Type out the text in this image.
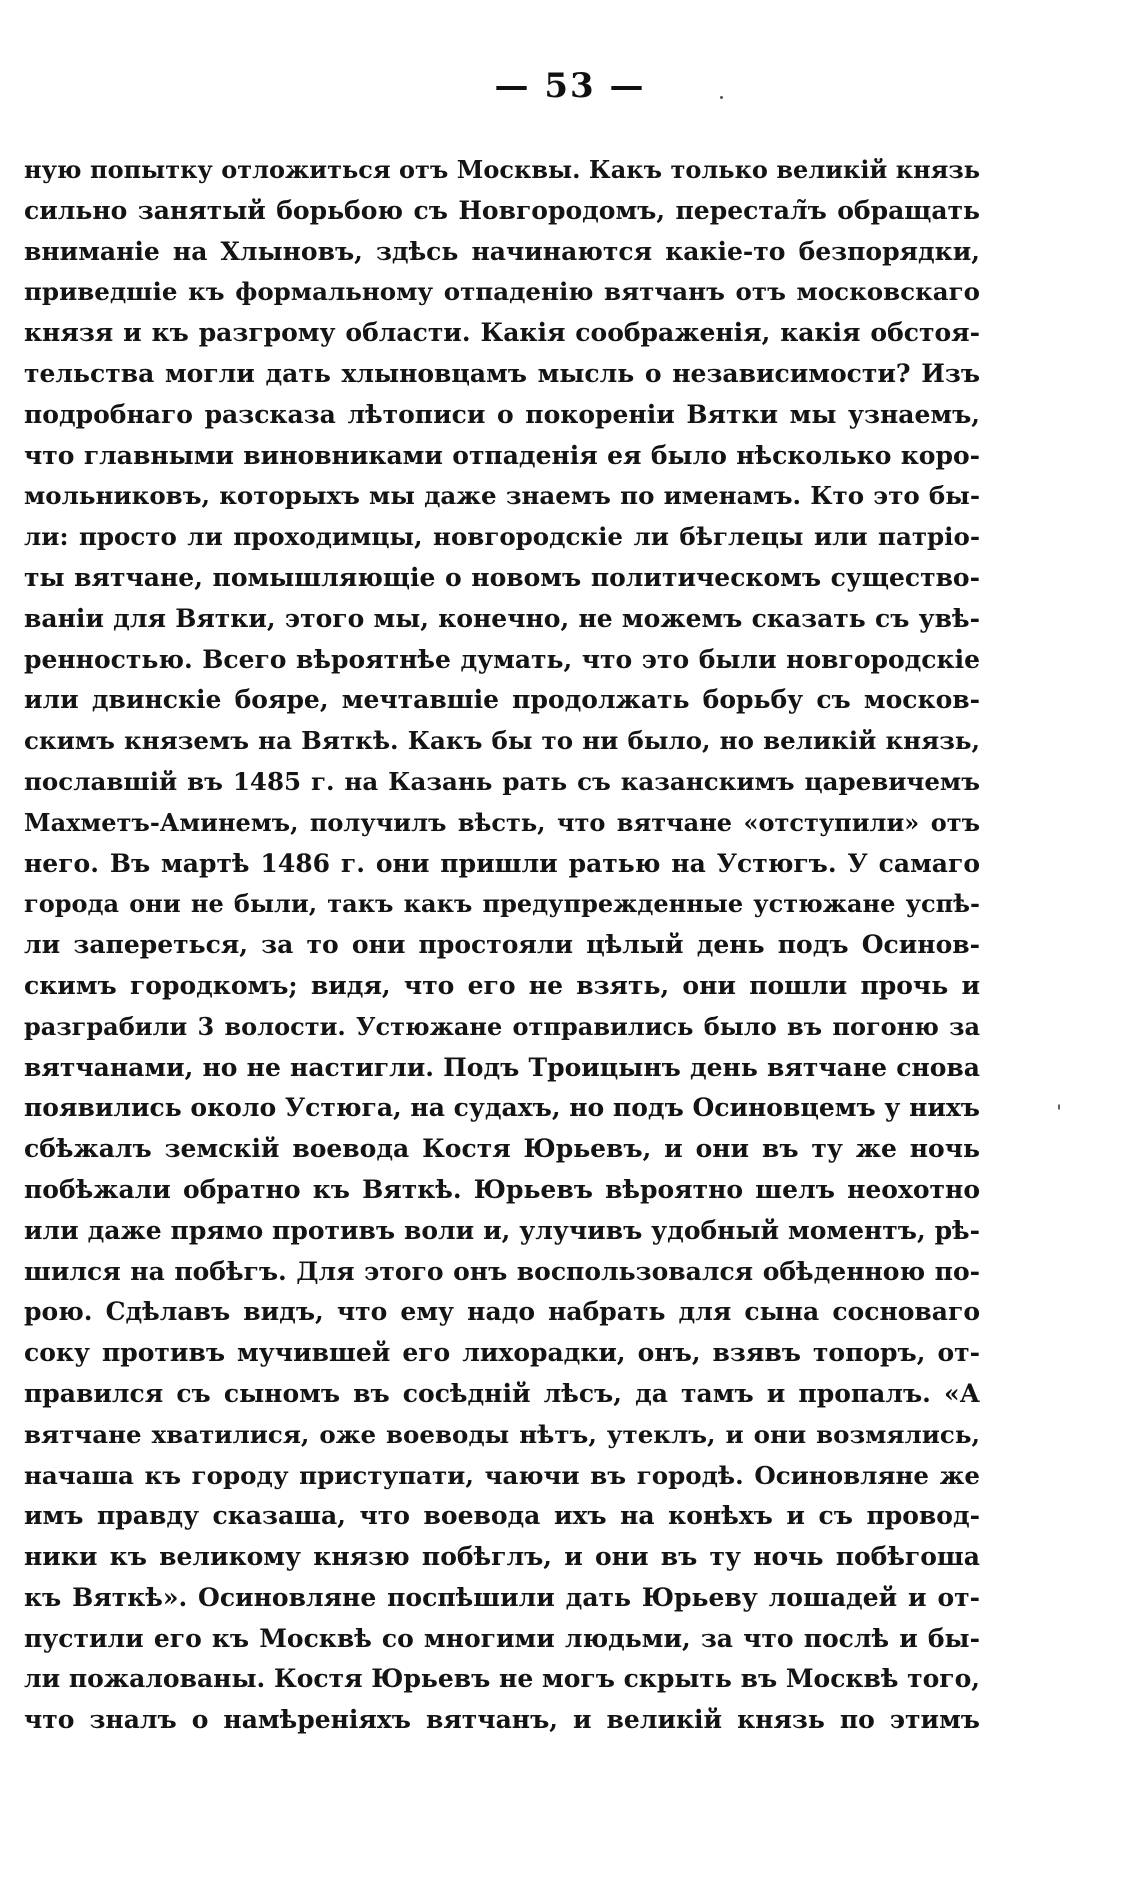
— 53 —
ную попытку отложиться отъ Москвы. Какъ только великій князь
сильно занятый борьбою съ Новгородомъ, перестал̃ъ обращать
вниманіе на Хлыновъ, здѣсь начинаются какіе-то безпорядки,
приведшіе къ формальному отпаденію вятчанъ отъ московскаго
князя и къ разгрому области. Какія соображенія, какія обстоя-
тельства могли дать хлыновцамъ мысль о независимости? Изъ
подробнаго разсказа лѣтописи о покореніи Вятки мы узнаемъ,
что главными виновниками отпаденія ея было нѣсколько коро-
мольниковъ, которыхъ мы даже знаемъ по именамъ. Кто это бы-
ли: просто ли проходимцы, новгородскіе ли бѣглецы или патріо-
ты вятчане, помышляющіе о новомъ политическомъ существо-
ваніи для Вятки, этого мы, конечно, не можемъ сказать съ увѣ-
ренностью. Всего вѣроятнѣе думать, что это были новгородскіе
или двинскіе бояре, мечтавшіе продолжать борьбу съ москов-
скимъ княземъ на Вяткѣ. Какъ бы то ни было, но великій князь,
пославшій въ 1485 г. на Казань рать съ казанскимъ царевичемъ
Махметъ-Аминемъ, получилъ вѣсть, что вятчане «отступили» отъ
него. Въ мартѣ 1486 г. они пришли ратью на Устюгъ. У самаго
города они не были, такъ какъ предупрежденные устюжане успѣ-
ли запереться, за то они простояли цѣлый день подъ Осинов-
скимъ городкомъ; видя, что его не взять, они пошли прочь и
разграбили 3 волости. Устюжане отправились было въ погоню за
вятчанами, но не настигли. Подъ Троицынъ день вятчане снова
появились около Устюга, на судахъ, но подъ Осиновцемъ у нихъ
сбѣжалъ земскій воевода Костя Юрьевъ, и они въ ту же ночь
побѣжали обратно къ Вяткѣ. Юрьевъ вѣроятно шелъ неохотно
или даже прямо противъ воли и, улучивъ удобный моментъ, рѣ-
шился на побѣгъ. Для этого онъ воспользовался обѣденною по-
рою. Сдѣлавъ видъ, что ему надо набрать для сына сосноваго
соку противъ мучившей его лихорадки, онъ, взявъ топоръ, от-
правился съ сыномъ въ сосѣдній лѣсъ, да тамъ и пропалъ. «А
вятчане хватилися, оже воеводы нѣтъ, утеклъ, и они возмялись,
начаша къ городу приступати, чаючи въ городѣ. Осиновляне же
имъ правду сказаша, что воевода ихъ на конѣхъ и съ провод-
ники къ великому князю побѣглъ, и они въ ту ночь побѣгоша
къ Вяткѣ». Осиновляне поспѣшили дать Юрьеву лошадей и от-
пустили его къ Москвѣ со многими людьми, за что послѣ и бы-
ли пожалованы. Костя Юрьевъ не могъ скрыть въ Москвѣ того,
что зналъ о намѣреніяхъ вятчанъ, и великій князь по этимъ
